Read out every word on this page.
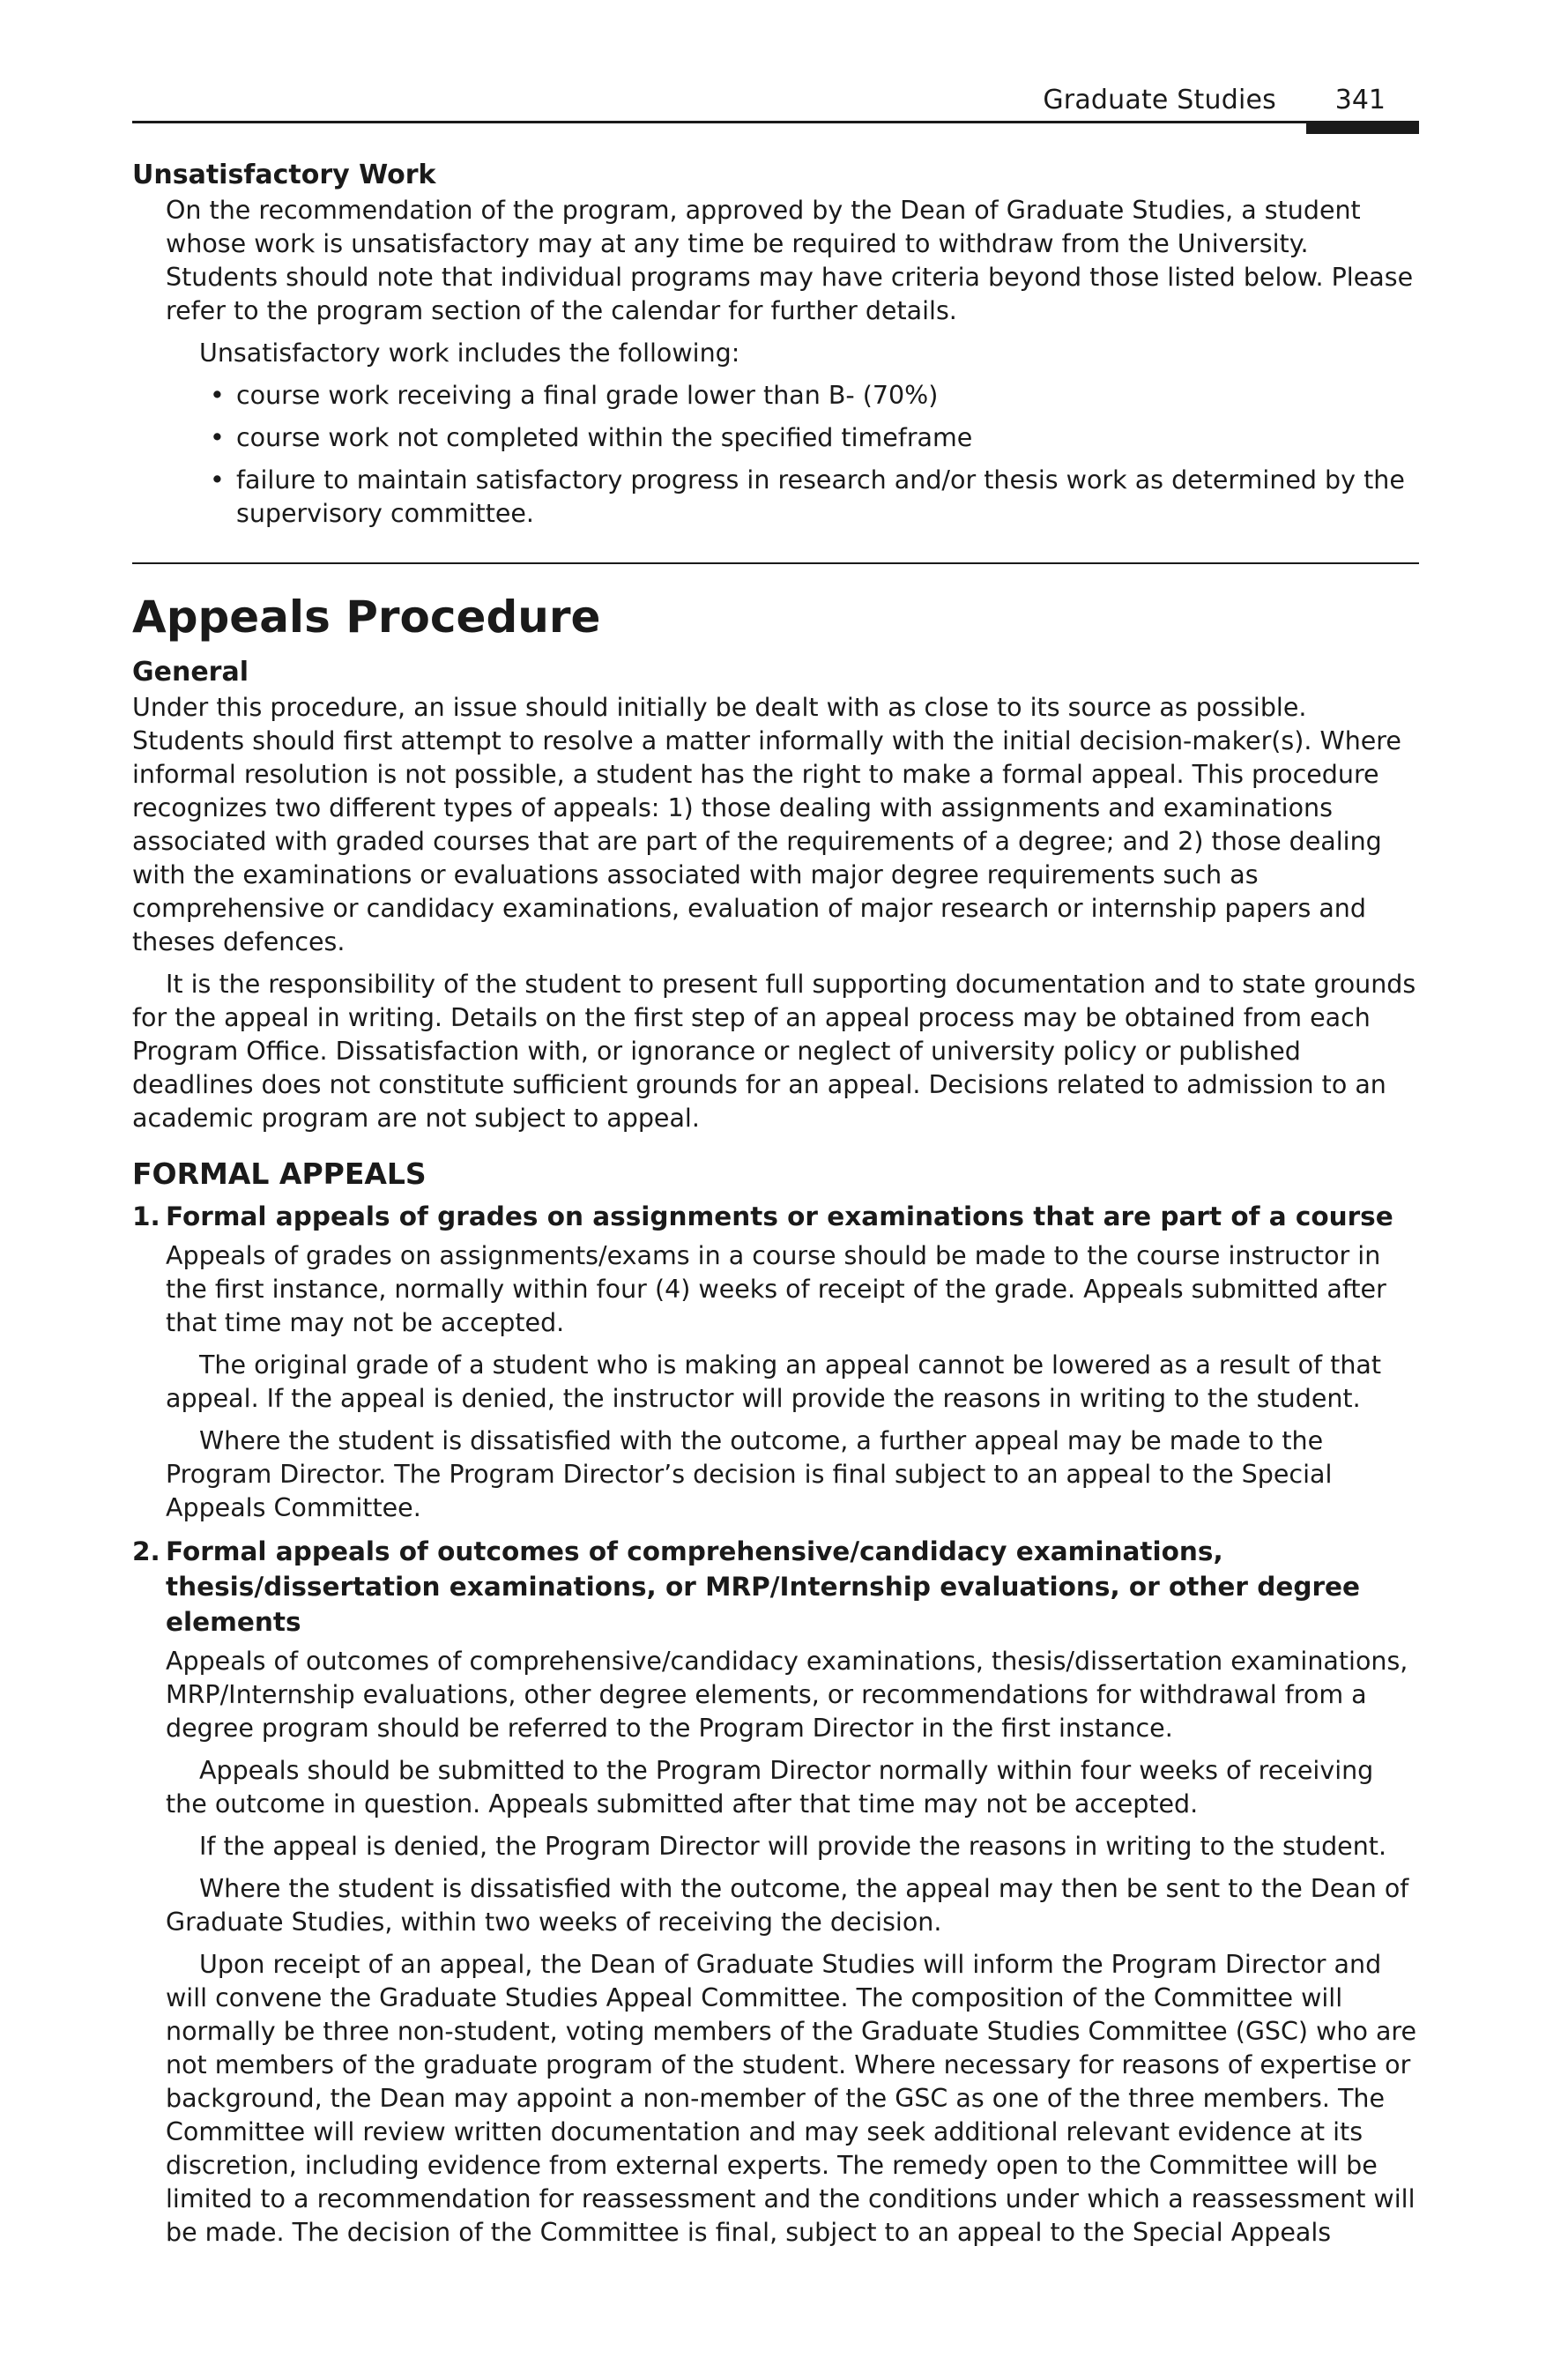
Graduate Studies 341

Unsatisfactory Work

On the recommendation of the program, approved by the Dean of Graduate Studies, a student whose work is unsatisfactory may at any time be required to withdraw from the University. Students should note that individual programs may have criteria beyond those listed below. Please refer to the program section of the calendar for further details.

Unsatisfactory work includes the following:

• course work receiving a final grade lower than B- (70%)
• course work not completed within the specified timeframe
• failure to maintain satisfactory progress in research and/or thesis work as determined by the supervisory committee.
Appeals Procedure

General

Under this procedure, an issue should initially be dealt with as close to its source as possible. Students should first attempt to resolve a matter informally with the initial decision-maker(s). Where informal resolution is not possible, a student has the right to make a formal appeal. This procedure recognizes two different types of appeals: 1) those dealing with assignments and examinations associated with graded courses that are part of the requirements of a degree; and 2) those dealing with the examinations or evaluations associated with major degree requirements such as comprehensive or candidacy examinations, evaluation of major research or internship papers and theses defences.

It is the responsibility of the student to present full supporting documentation and to state grounds for the appeal in writing. Details on the first step of an appeal process may be obtained from each Program Office. Dissatisfaction with, or ignorance or neglect of university policy or published deadlines does not constitute sufficient grounds for an appeal. Decisions related to admission to an academic program are not subject to appeal.

FORMAL APPEALS

1. Formal appeals of grades on assignments or examinations that are part of a course

Appeals of grades on assignments/exams in a course should be made to the course instructor in the first instance, normally within four (4) weeks of receipt of the grade. Appeals submitted after that time may not be accepted.

The original grade of a student who is making an appeal cannot be lowered as a result of that appeal. If the appeal is denied, the instructor will provide the reasons in writing to the student.

Where the student is dissatisfied with the outcome, a further appeal may be made to the Program Director. The Program Director’s decision is final subject to an appeal to the Special Appeals Committee.

2. Formal appeals of outcomes of comprehensive/candidacy examinations, thesis/dissertation examinations, or MRP/Internship evaluations, or other degree elements

Appeals of outcomes of comprehensive/candidacy examinations, thesis/dissertation examinations, MRP/Internship evaluations, other degree elements, or recommendations for withdrawal from a degree program should be referred to the Program Director in the first instance.

Appeals should be submitted to the Program Director normally within four weeks of receiving the outcome in question. Appeals submitted after that time may not be accepted.

If the appeal is denied, the Program Director will provide the reasons in writing to the student.

Where the student is dissatisfied with the outcome, the appeal may then be sent to the Dean of Graduate Studies, within two weeks of receiving the decision.

Upon receipt of an appeal, the Dean of Graduate Studies will inform the Program Director and will convene the Graduate Studies Appeal Committee. The composition of the Committee will normally be three non-student, voting members of the Graduate Studies Committee (GSC) who are not members of the graduate program of the student. Where necessary for reasons of expertise or background, the Dean may appoint a non-member of the GSC as one of the three members. The Committee will review written documentation and may seek additional relevant evidence at its discretion, including evidence from external experts. The remedy open to the Committee will be limited to a recommendation for reassessment and the conditions under which a reassessment will be made. The decision of the Committee is final, subject to an appeal to the Special Appeals
